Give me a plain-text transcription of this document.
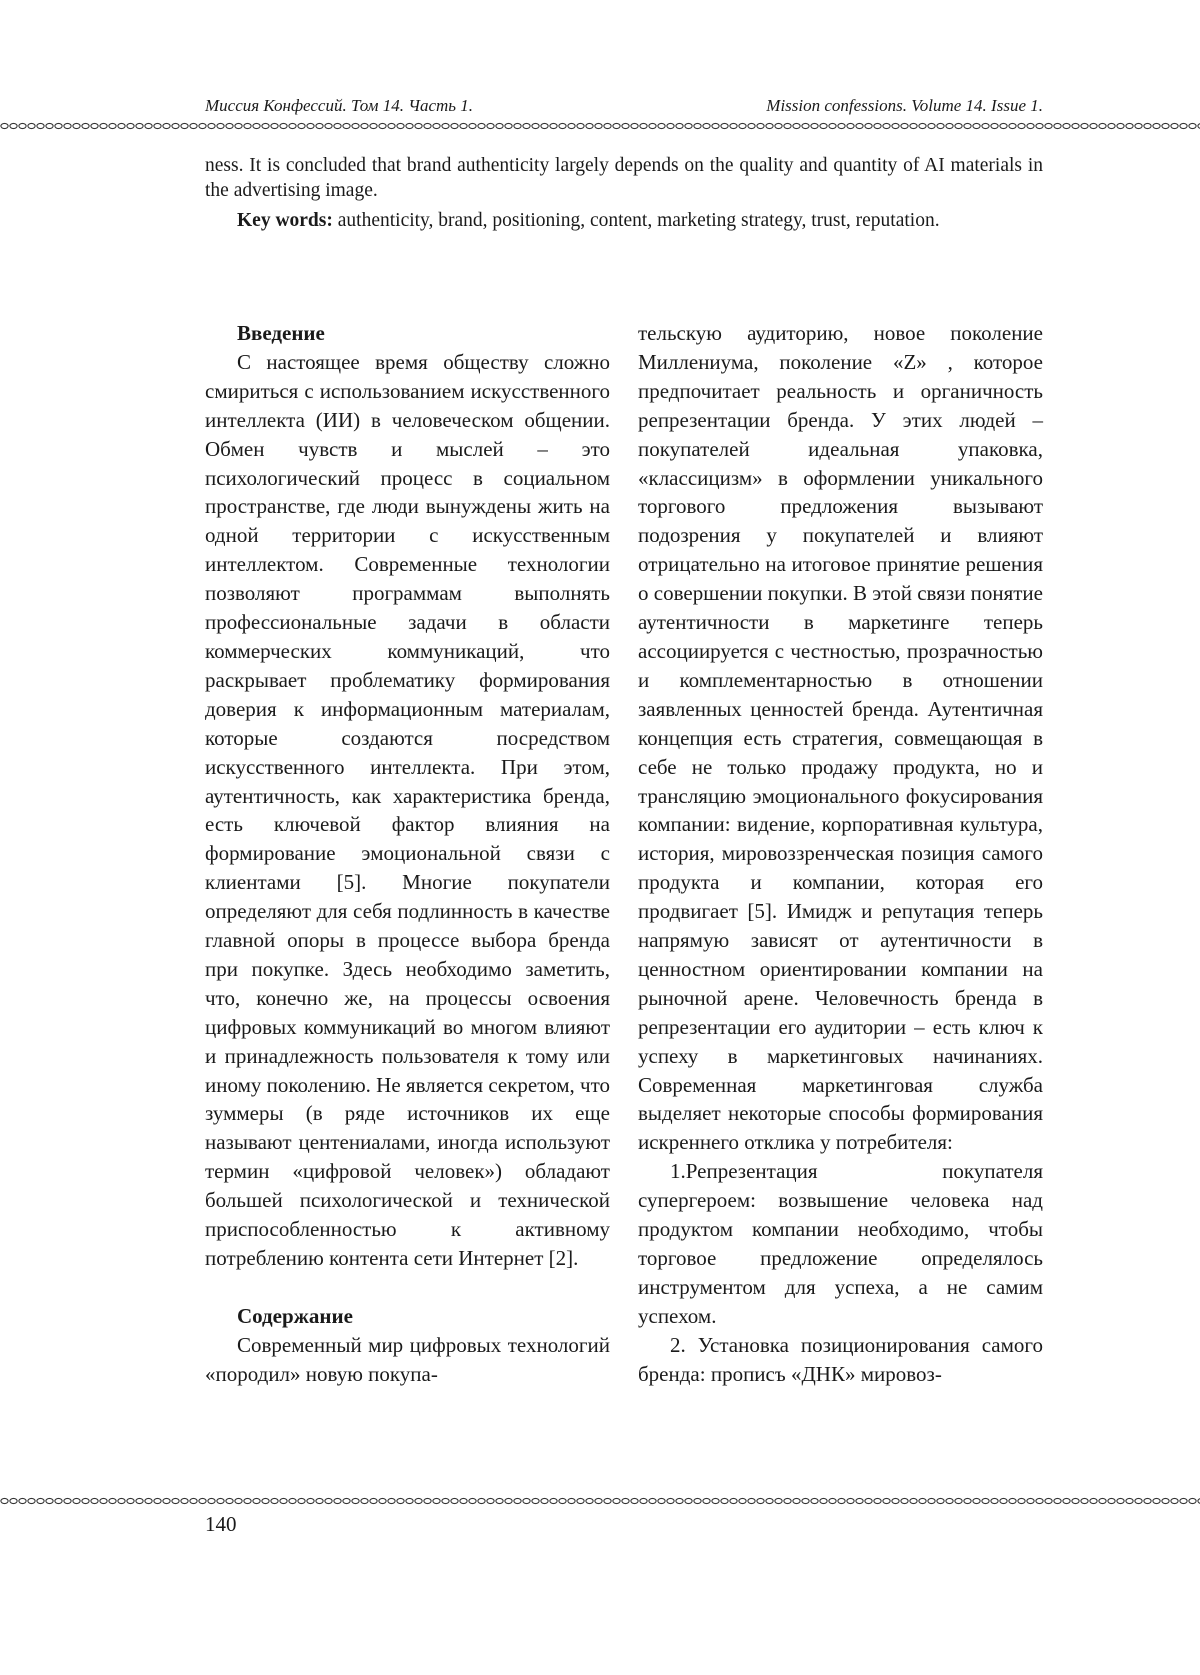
Миссия Конфессий. Том 14. Часть 1.	Mission confessions. Volume 14. Issue 1.

ness. It is concluded that brand authenticity largely depends on the quality and quantity of AI materials in the advertising image.

Key words: authenticity, brand, positioning, content, marketing strategy, trust, reputation.

Введение

С настоящее время обществу сложно смириться с использованием искусственного интеллекта (ИИ) в человеческом общении. Обмен чувств и мыслей – это психологический процесс в социальном пространстве, где люди вынуждены жить на одной территории с искусственным интеллектом. Современные технологии позволяют программам выполнять профессиональные задачи в области коммерческих коммуникаций, что раскрывает проблематику формирования доверия к информационным материалам, которые создаются посредством искусственного интеллекта. При этом, аутентичность, как характеристика бренда, есть ключевой фактор влияния на формирование эмоциональной связи с клиентами [5]. Многие покупатели определяют для себя подлинность в качестве главной опоры в процессе выбора бренда при покупке. Здесь необходимо заметить, что, конечно же, на процессы освоения цифровых коммуникаций во многом влияют и принадлежность пользователя к тому или иному поколению. Не является секретом, что зуммеры (в ряде источников их еще называют центениалами, иногда используют термин «цифровой человек») обладают большей психологической и технической приспособленностью к активному потреблению контента сети Интернет [2].

Содержание

Современный мир цифровых технологий «породил» новую покупа-

тельскую аудиторию, новое поколение Миллениума, поколение «Z» , которое предпочитает реальность и органичность репрезентации бренда. У этих людей – покупателей идеальная упаковка, «классицизм» в оформлении уникального торгового предложения вызывают подозрения у покупателей и влияют отрицательно на итоговое принятие решения о совершении покупки. В этой связи понятие аутентичности в маркетинге теперь ассоциируется с честностью, прозрачностью и комплементарностью в отношении заявленных ценностей бренда. Аутентичная концепция есть стратегия, совмещающая в себе не только продажу продукта, но и трансляцию эмоционального фокусирования компании: видение, корпоративная культура, история, мировоззренческая позиция самого продукта и компании, которая его продвигает [5]. Имидж и репутация теперь напрямую зависят от аутентичности в ценностном ориентировании компании на рыночной арене. Человечность бренда в репрезентации его аудитории – есть ключ к успеху в маркетинговых начинаниях. Современная маркетинговая служба выделяет некоторые способы формирования искреннего отклика у потребителя:

1.Репрезентация покупателя супергероем: возвышение человека над продуктом компании необходимо, чтобы торговое предложение определялось инструментом для успеха, а не самим успехом.

2. Установка позиционирования самого бренда: прописъ «ДНК» мировоз-

140
